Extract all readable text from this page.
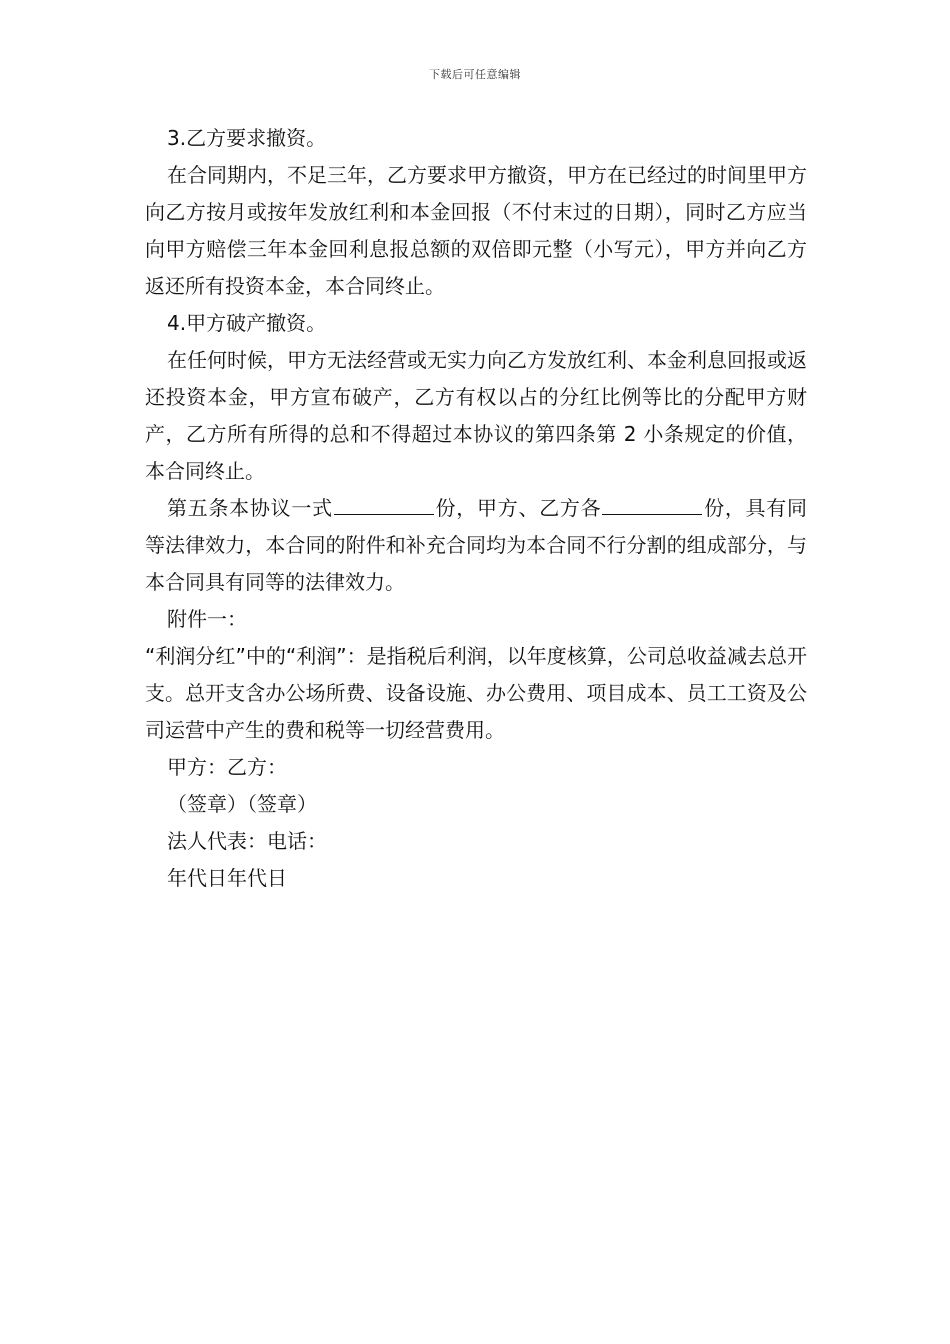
下载后可任意编辑

3.乙方要求撤资。

在合同期内，不足三年，乙方要求甲方撤资，甲方在已经过的时间里甲方向乙方按月或按年发放红利和本金回报（不付末过的日期），同时乙方应当向甲方赔偿三年本金回利息报总额的双倍即元整（小写元），甲方并向乙方返还所有投资本金，本合同终止。

4.甲方破产撤资。

在任何时候，甲方无法经营或无实力向乙方发放红利、本金利息回报或返还投资本金，甲方宣布破产，乙方有权以占的分红比例等比的分配甲方财产，乙方所有所得的总和不得超过本协议的第四条第 2 小条规定的价值，本合同终止。

第五条本协议一式	份，甲方、乙方各	份，具有同等法律效力，本合同的附件和补充合同均为本合同不行分割的组成部分，与本合同具有同等的法律效力。

附件一：

“利润分红”中的“利润”：是指税后利润，以年度核算，公司总收益减去总开支。总开支含办公场所费、设备设施、办公费用、项目成本、员工工资及公司运营中产生的费和税等一切经营费用。

甲方：乙方：

（签章）（签章）

法人代表：电话：

年代日年代日
